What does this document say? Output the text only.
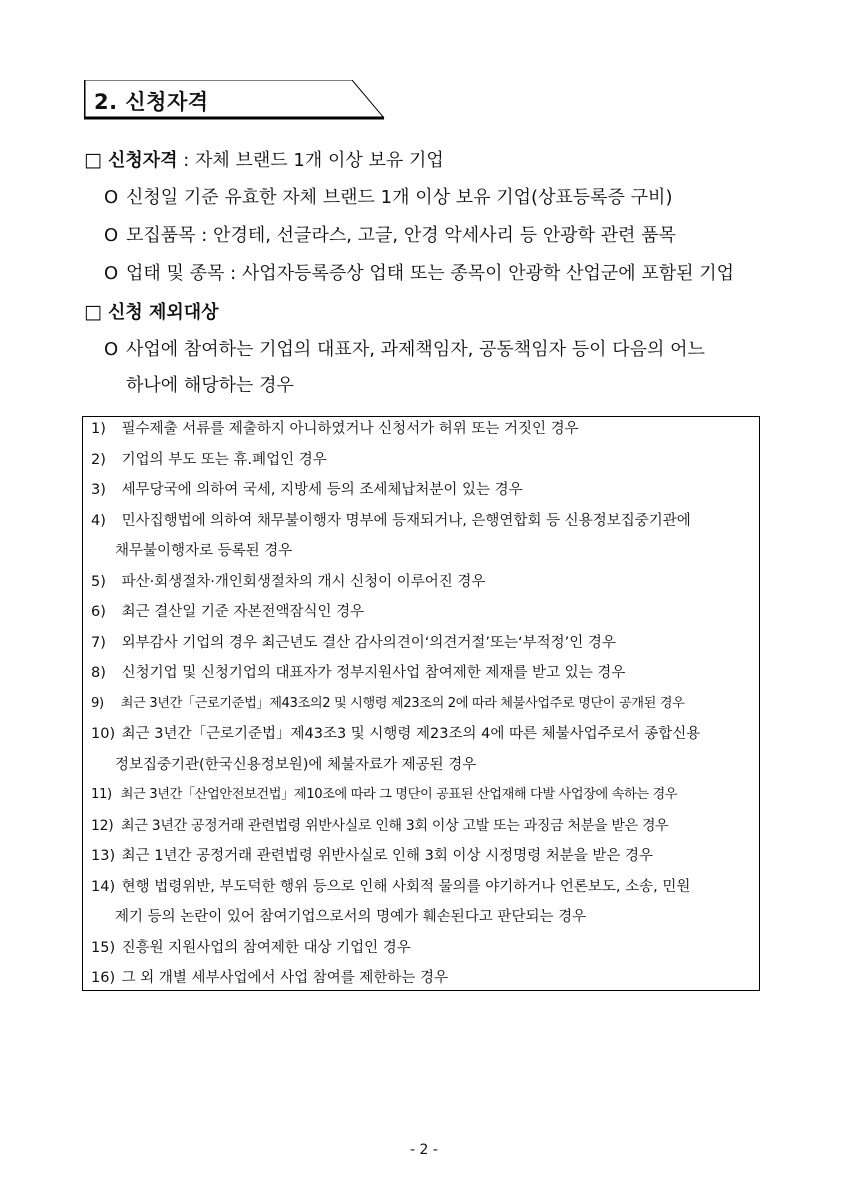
2. 신청자격
□ 신청자격 : 자체 브랜드 1개 이상 보유 기업
O 신청일 기준 유효한 자체 브랜드 1개 이상 보유 기업(상표등록증 구비)
O 모집품목 : 안경테, 선글라스, 고글, 안경 악세사리 등 안광학 관련 품목
O 업태 및 종목 : 사업자등록증상 업태 또는 종목이 안광학 산업군에 포함된 기업
□ 신청 제외대상
O 사업에 참여하는 기업의 대표자, 과제책임자, 공동책임자 등이 다음의 어느
하나에 해당하는 경우
1) 필수제출 서류를 제출하지 아니하였거나 신청서가 허위 또는 거짓인 경우
2) 기업의 부도 또는 휴.폐업인 경우
3) 세무당국에 의하여 국세, 지방세 등의 조세체납처분이 있는 경우
4) 민사집행법에 의하여 채무불이행자 명부에 등재되거나, 은행연합회 등 신용정보집중기관에
채무불이행자로 등록된 경우
5) 파산·회생절차·개인회생절차의 개시 신청이 이루어진 경우
6) 최근 결산일 기준 자본전액잠식인 경우
7) 외부감사 기업의 경우 최근년도 결산 감사의견이‘의견거절’또는‘부적정’인 경우
8) 신청기업 및 신청기업의 대표자가 정부지원사업 참여제한 제재를 받고 있는 경우
9) 최근 3년간「근로기준법」제43조의2 및 시행령 제23조의 2에 따라 체불사업주로 명단이 공개된 경우
10) 최근 3년간「근로기준법」제43조3 및 시행령 제23조의 4에 따른 체불사업주로서 종합신용
정보집중기관(한국신용정보원)에 체불자료가 제공된 경우
11) 최근 3년간「산업안전보건법」제10조에 따라 그 명단이 공표된 산업재해 다발 사업장에 속하는 경우
12) 최근 3년간 공정거래 관련법령 위반사실로 인해 3회 이상 고발 또는 과징금 처분을 받은 경우
13) 최근 1년간 공정거래 관련법령 위반사실로 인해 3회 이상 시정명령 처분을 받은 경우
14) 현행 법령위반, 부도덕한 행위 등으로 인해 사회적 물의를 야기하거나 언론보도, 소송, 민원
제기 등의 논란이 있어 참여기업으로서의 명예가 훼손된다고 판단되는 경우
15) 진흥원 지원사업의 참여제한 대상 기업인 경우
16) 그 외 개별 세부사업에서 사업 참여를 제한하는 경우
- 2 -
